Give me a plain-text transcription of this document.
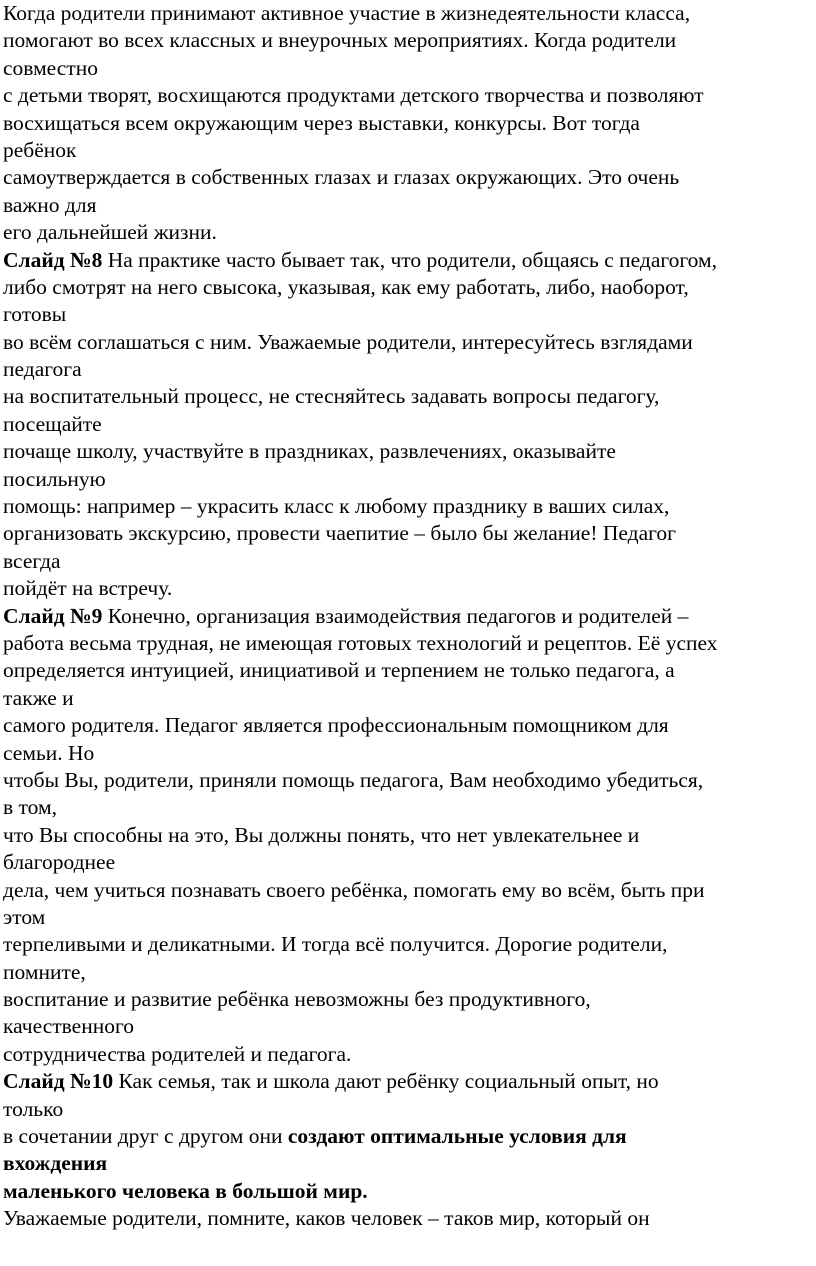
Когда родители принимают активное участие в жизнедеятельности класса,
помогают во всех классных и внеурочных мероприятиях. Когда родители
совместно
с детьми творят, восхищаются продуктами детского творчества и позволяют
восхищаться всем окружающим через выставки, конкурсы. Вот тогда
ребёнок
самоутверждается в собственных глазах и глазах окружающих. Это очень
важно для
его дальнейшей жизни.
Слайд №8 На практике часто бывает так, что родители, общаясь с педагогом,
либо смотрят на него свысока, указывая, как ему работать, либо, наоборот,
готовы
во всём соглашаться с ним. Уважаемые родители, интересуйтесь взглядами
педагога
на воспитательный процесс, не стесняйтесь задавать вопросы педагогу,
посещайте
почаще школу, участвуйте в праздниках, развлечениях, оказывайте
посильную
помощь: например – украсить класс к любому празднику в ваших силах,
организовать экскурсию, провести чаепитие – было бы желание! Педагог
всегда
пойдёт на встречу.
Слайд №9 Конечно, организация взаимодействия педагогов и родителей –
работа весьма трудная, не имеющая готовых технологий и рецептов. Её успех
определяется интуицией, инициативой и терпением не только педагога, а
также и
самого родителя. Педагог является профессиональным помощником для
семьи. Но
чтобы Вы, родители, приняли помощь педагога, Вам необходимо убедиться,
в том,
что Вы способны на это, Вы должны понять, что нет увлекательнее и
благороднее
дела, чем учиться познавать своего ребёнка, помогать ему во всём, быть при
этом
терпеливыми и деликатными. И тогда всё получится. Дорогие родители,
помните,
воспитание и развитие ребёнка невозможны без продуктивного,
качественного
сотрудничества родителей и педагога.
Слайд №10 Как семья, так и школа дают ребёнку социальный опыт, но
только
в сочетании друг с другом они создают оптимальные условия для
вхождения
маленького человека в большой мир.
Уважаемые родители, помните, каков человек – таков мир, который он
